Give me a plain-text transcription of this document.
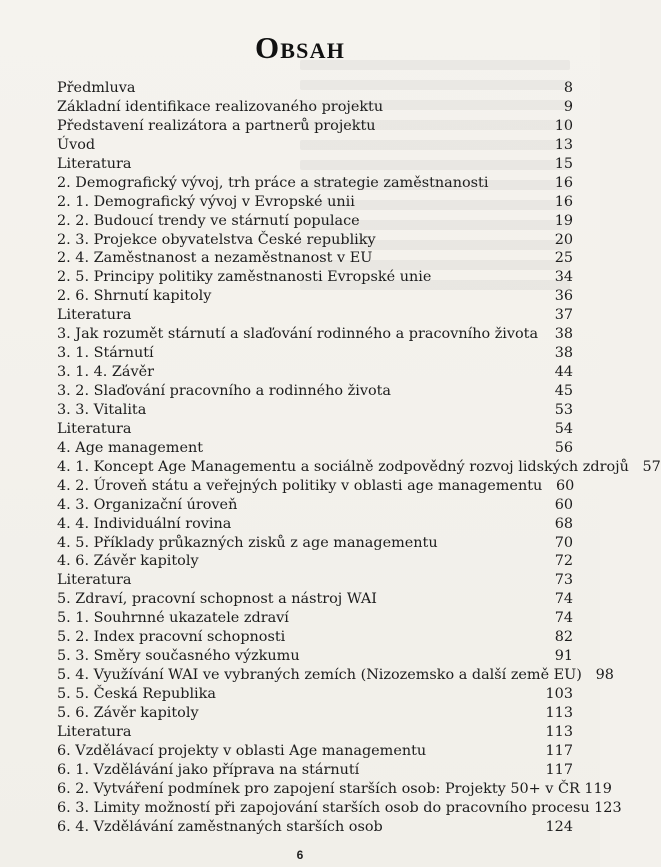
Obsah
Předmluva	8
Základní identifikace realizovaného projektu	9
Představení realizátora a partnerů projektu	10
Úvod	13
Literatura	15
2. Demografický vývoj, trh práce a strategie zaměstnanosti	16
2. 1. Demografický vývoj v Evropské unii	16
2. 2. Budoucí trendy ve stárnutí populace	19
2. 3. Projekce obyvatelstva České republiky	20
2. 4. Zaměstnanost a nezaměstnanost v EU	25
2. 5. Principy politiky zaměstnanosti Evropské unie	34
2. 6. Shrnutí kapitoly	36
Literatura	37
3. Jak rozumět stárnutí a slaďování rodinného a pracovního života	38
3. 1. Stárnutí	38
3. 1. 4. Závěr	44
3. 2. Slaďování pracovního a rodinného života	45
3. 3. Vitalita	53
Literatura	54
4. Age management	56
4. 1. Koncept Age Managementu a sociálně zodpovědný rozvoj lidských zdrojů 57
4. 2. Úroveň státu a veřejných politiky v oblasti age managementu 60
4. 3. Organizační úroveň	60
4. 4. Individuální rovina	68
4. 5. Příklady průkazných zisků z age managementu	70
4. 6. Závěr kapitoly	72
Literatura	73
5. Zdraví, pracovní schopnost a nástroj WAI	74
5. 1. Souhrnné ukazatele zdraví	74
5. 2. Index pracovní schopnosti	82
5. 3. Směry současného výzkumu	91
5. 4. Využívání WAI ve vybraných zemích (Nizozemsko a další země EU) 98
5. 5. Česká Republika	103
5. 6. Závěr kapitoly	113
Literatura	113
6. Vzdělávací projekty v oblasti Age managementu	117
6. 1. Vzdělávání jako příprava na stárnutí	117
6. 2. Vytváření podmínek pro zapojení starších osob: Projekty 50+ v ČR 119
6. 3. Limity možností při zapojování starších osob do pracovního procesu 123
6. 4. Vzdělávání zaměstnaných starších osob	124
6
